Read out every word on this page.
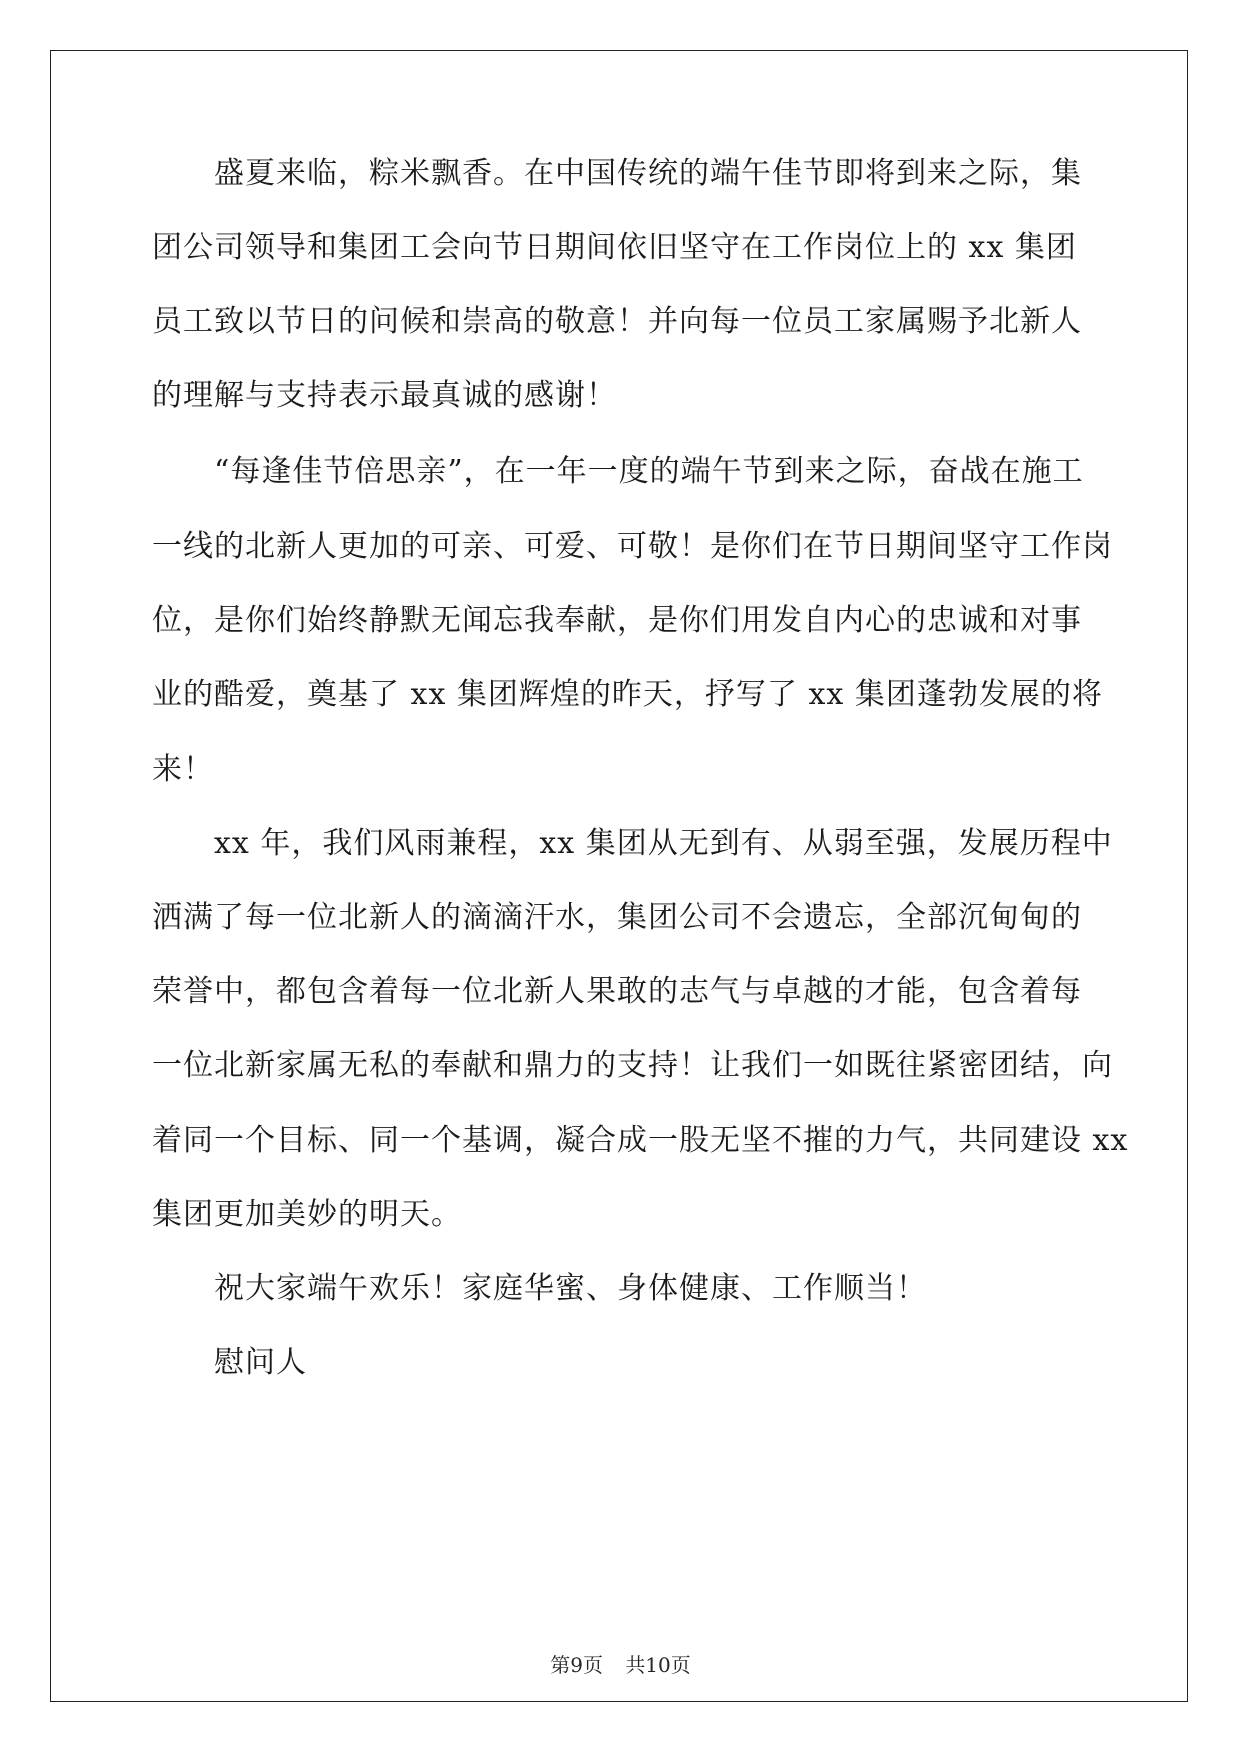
盛夏来临，粽米飘香。在中国传统的端午佳节即将到来之际，集

团公司领导和集团工会向节日期间依旧坚守在工作岗位上的 xx 集团

员工致以节日的问候和崇高的敬意！并向每一位员工家属赐予北新人

的理解与支持表示最真诚的感谢！

“每逢佳节倍思亲”，在一年一度的端午节到来之际，奋战在施工

一线的北新人更加的可亲、可爱、可敬！是你们在节日期间坚守工作岗

位，是你们始终静默无闻忘我奉献，是你们用发自内心的忠诚和对事

业的酷爱，奠基了 xx 集团辉煌的昨天，抒写了 xx 集团蓬勃发展的将

来！

xx 年，我们风雨兼程，xx 集团从无到有、从弱至强，发展历程中

洒满了每一位北新人的滴滴汗水，集团公司不会遗忘，全部沉甸甸的

荣誉中，都包含着每一位北新人果敢的志气与卓越的才能，包含着每

一位北新家属无私的奉献和鼎力的支持！让我们一如既往紧密团结，向

着同一个目标、同一个基调，凝合成一股无坚不摧的力气，共同建设 xx

集团更加美妙的明天。

祝大家端午欢乐！家庭华蜜、身体健康、工作顺当！

慰问人

第9页 共10页
